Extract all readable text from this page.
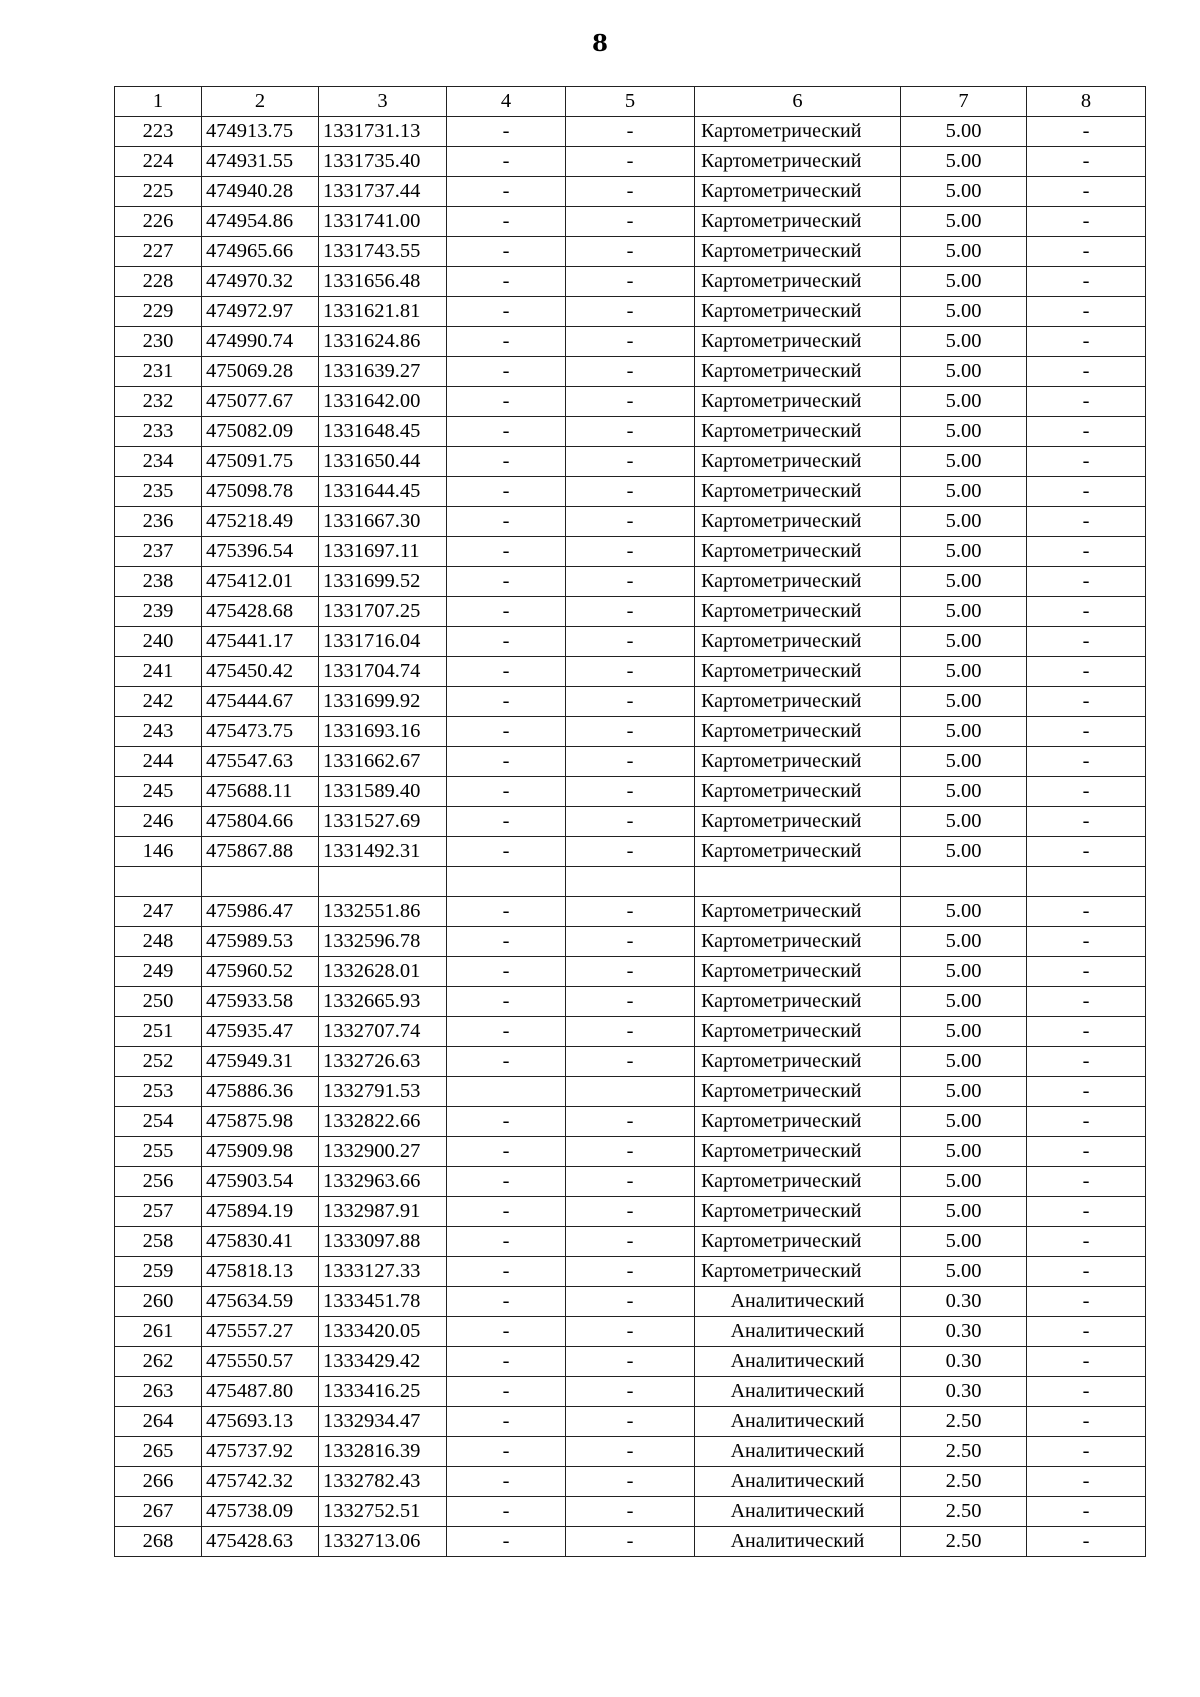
8
1	2	3	4	5	6	7	8
223	474913.75	1331731.13	-	-	Картометрический	5.00	-
224	474931.55	1331735.40	-	-	Картометрический	5.00	-
225	474940.28	1331737.44	-	-	Картометрический	5.00	-
226	474954.86	1331741.00	-	-	Картометрический	5.00	-
227	474965.66	1331743.55	-	-	Картометрический	5.00	-
228	474970.32	1331656.48	-	-	Картометрический	5.00	-
229	474972.97	1331621.81	-	-	Картометрический	5.00	-
230	474990.74	1331624.86	-	-	Картометрический	5.00	-
231	475069.28	1331639.27	-	-	Картометрический	5.00	-
232	475077.67	1331642.00	-	-	Картометрический	5.00	-
233	475082.09	1331648.45	-	-	Картометрический	5.00	-
234	475091.75	1331650.44	-	-	Картометрический	5.00	-
235	475098.78	1331644.45	-	-	Картометрический	5.00	-
236	475218.49	1331667.30	-	-	Картометрический	5.00	-
237	475396.54	1331697.11	-	-	Картометрический	5.00	-
238	475412.01	1331699.52	-	-	Картометрический	5.00	-
239	475428.68	1331707.25	-	-	Картометрический	5.00	-
240	475441.17	1331716.04	-	-	Картометрический	5.00	-
241	475450.42	1331704.74	-	-	Картометрический	5.00	-
242	475444.67	1331699.92	-	-	Картометрический	5.00	-
243	475473.75	1331693.16	-	-	Картометрический	5.00	-
244	475547.63	1331662.67	-	-	Картометрический	5.00	-
245	475688.11	1331589.40	-	-	Картометрический	5.00	-
246	475804.66	1331527.69	-	-	Картометрический	5.00	-
146	475867.88	1331492.31	-	-	Картометрический	5.00	-

247	475986.47	1332551.86	-	-	Картометрический	5.00	-
248	475989.53	1332596.78	-	-	Картометрический	5.00	-
249	475960.52	1332628.01	-	-	Картометрический	5.00	-
250	475933.58	1332665.93	-	-	Картометрический	5.00	-
251	475935.47	1332707.74	-	-	Картометрический	5.00	-
252	475949.31	1332726.63	-	-	Картометрический	5.00	-
253	475886.36	1332791.53			Картометрический	5.00	-
254	475875.98	1332822.66	-	-	Картометрический	5.00	-
255	475909.98	1332900.27	-	-	Картометрический	5.00	-
256	475903.54	1332963.66	-	-	Картометрический	5.00	-
257	475894.19	1332987.91	-	-	Картометрический	5.00	-
258	475830.41	1333097.88	-	-	Картометрический	5.00	-
259	475818.13	1333127.33	-	-	Картометрический	5.00	-
260	475634.59	1333451.78	-	-	Аналитический	0.30	-
261	475557.27	1333420.05	-	-	Аналитический	0.30	-
262	475550.57	1333429.42	-	-	Аналитический	0.30	-
263	475487.80	1333416.25	-	-	Аналитический	0.30	-
264	475693.13	1332934.47	-	-	Аналитический	2.50	-
265	475737.92	1332816.39	-	-	Аналитический	2.50	-
266	475742.32	1332782.43	-	-	Аналитический	2.50	-
267	475738.09	1332752.51	-	-	Аналитический	2.50	-
268	475428.63	1332713.06	-	-	Аналитический	2.50	-
